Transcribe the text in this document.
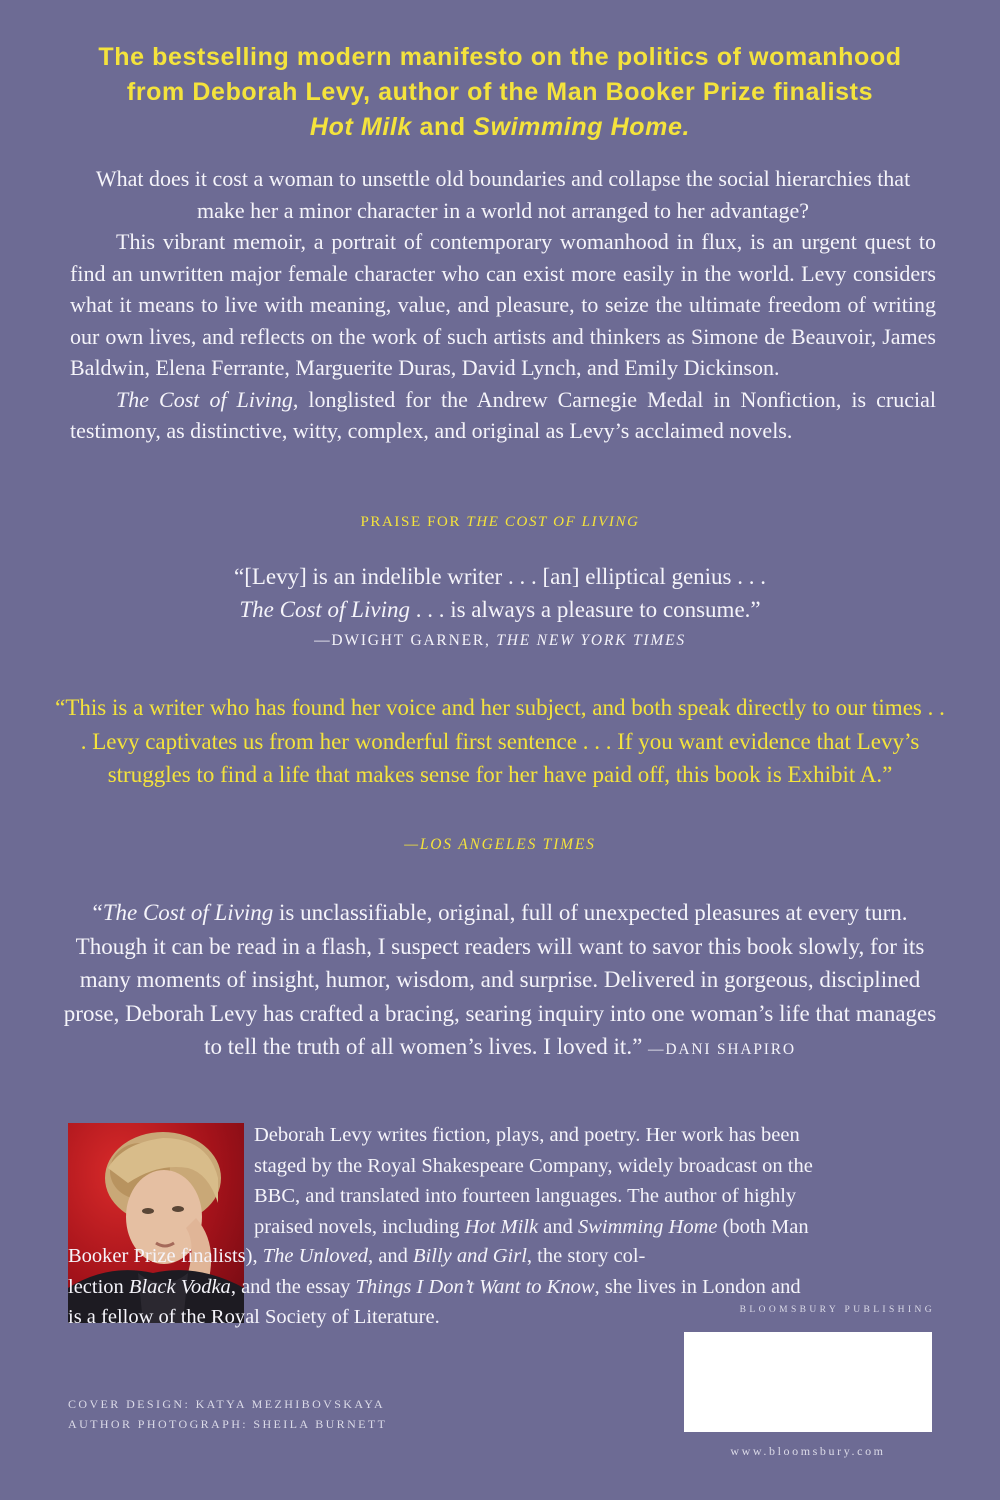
The bestselling modern manifesto on the politics of womanhood
from Deborah Levy, author of the Man Booker Prize finalists
Hot Milk and Swimming Home.

What does it cost a woman to unsettle old boundaries and collapse the social hierarchies that make her a minor character in a world not arranged to her advantage?

This vibrant memoir, a portrait of contemporary womanhood in flux, is an urgent quest to find an unwritten major female character who can exist more easily in the world. Levy considers what it means to live with meaning, value, and pleasure, to seize the ultimate freedom of writing our own lives, and reflects on the work of such artists and thinkers as Simone de Beauvoir, James Baldwin, Elena Ferrante, Marguerite Duras, David Lynch, and Emily Dickinson.

The Cost of Living, longlisted for the Andrew Carnegie Medal in Nonfiction, is crucial testimony, as distinctive, witty, complex, and original as Levy’s acclaimed novels.

PRAISE FOR THE COST OF LIVING
“[Levy] is an indelible writer . . . [an] elliptical genius . . .
The Cost of Living . . . is always a pleasure to consume.”
—DWIGHT GARNER, THE NEW YORK TIMES
“This is a writer who has found her voice and her subject, and both speak directly to our times . . . Levy captivates us from her wonderful first sentence . . . If you want evidence that Levy’s struggles to find a life that makes sense for her have paid off, this book is Exhibit A.”
—LOS ANGELES TIMES
“The Cost of Living is unclassifiable, original, full of unexpected pleasures at every turn. Though it can be read in a flash, I suspect readers will want to savor this book slowly, for its many moments of insight, humor, wisdom, and surprise. Delivered in gorgeous, disciplined prose, Deborah Levy has crafted a bracing, searing inquiry into one woman’s life that manages to tell the truth of all women’s lives. I loved it.” —DANI SHAPIRO
Deborah Levy writes fiction, plays, and poetry. Her work has been
staged by the Royal Shakespeare Company, widely broadcast on the
BBC, and translated into fourteen languages. The author of highly
praised novels, including Hot Milk and Swimming Home (both Man
Booker Prize finalists), The Unloved, and Billy and Girl, the story col-
lection Black Vodka, and the essay Things I Don’t Want to Know, she lives in London and
is a fellow of the Royal Society of Literature.	BLOOMSBURY PUBLISHING
www.bloomsbury.com
COVER DESIGN: KATYA MEZHIBOVSKAYA
AUTHOR PHOTOGRAPH: SHEILA BURNETT
